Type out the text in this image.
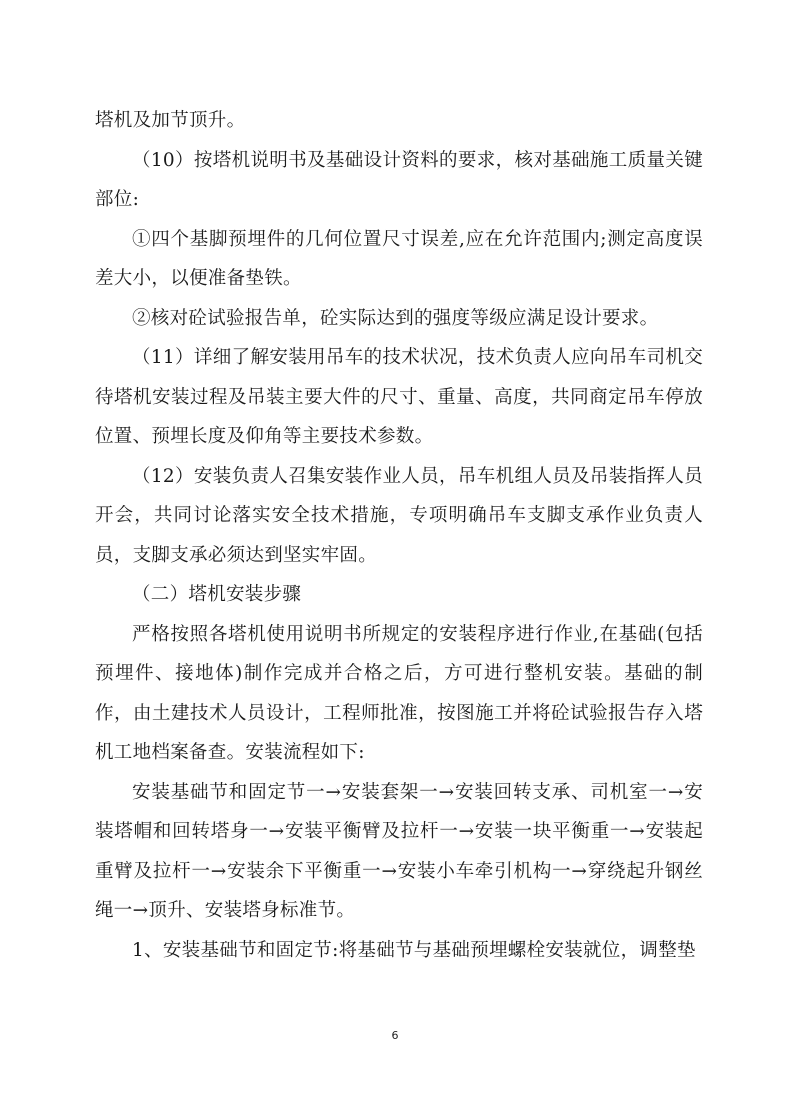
塔机及加节顶升。

（10）按塔机说明书及基础设计资料的要求，核对基础施工质量关键部位:

①四个基脚预埋件的几何位置尺寸误差,应在允许范围内;测定高度误差大小，以便准备垫铁。

②核对砼试验报告单，砼实际达到的强度等级应满足设计要求。

（11）详细了解安装用吊车的技术状况，技术负责人应向吊车司机交待塔机安装过程及吊装主要大件的尺寸、重量、高度，共同商定吊车停放位置、预埋长度及仰角等主要技术参数。

（12）安装负责人召集安装作业人员，吊车机组人员及吊装指挥人员开会，共同讨论落实安全技术措施，专项明确吊车支脚支承作业负责人员，支脚支承必须达到坚实牢固。

（二）塔机安装步骤

严格按照各塔机使用说明书所规定的安装程序进行作业,在基础(包括预埋件、接地体)制作完成并合格之后，方可进行整机安装。基础的制作，由土建技术人员设计，工程师批准，按图施工并将砼试验报告存入塔机工地档案备查。安装流程如下:

安装基础节和固定节一→安装套架一→安装回转支承、司机室一→安装塔帽和回转塔身一→安装平衡臂及拉杆一→安装一块平衡重一→安装起重臂及拉杆一→安装余下平衡重一→安装小车牵引机构一→穿绕起升钢丝绳一→顶升、安装塔身标准节。

1、安装基础节和固定节:将基础节与基础预埋螺栓安装就位，调整垫

6
